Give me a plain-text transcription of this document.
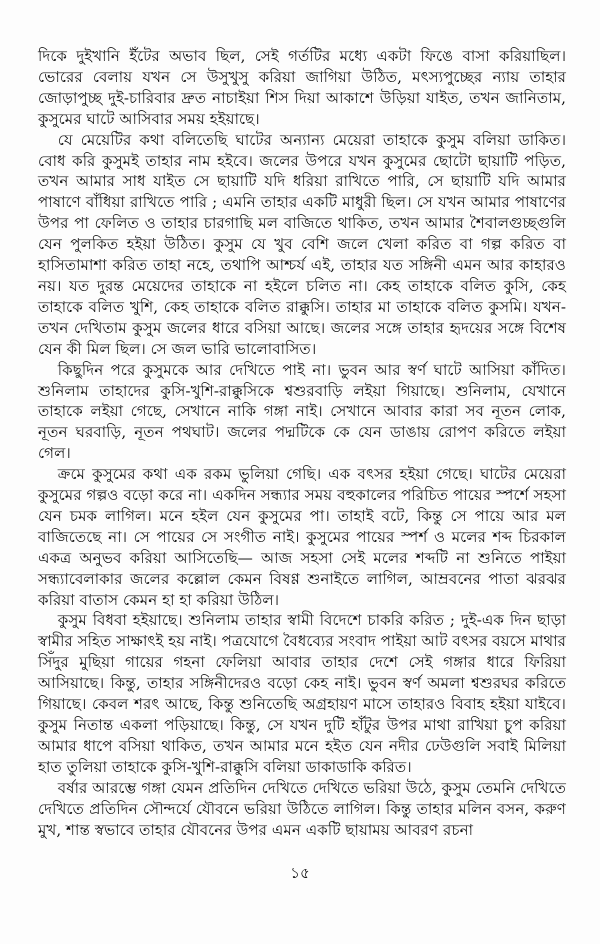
দিকে দুইখানি ইঁটের অভাব ছিল, সেই গর্তটির মধ্যে একটা ফিঙে বাসা করিয়াছিল। ভোরের বেলায় যখন সে উসুখুসু করিয়া জাগিয়া উঠিত, মৎস্যপুচ্ছের ন্যায় তাহার জোড়াপুচ্ছ দুই-চারিবার দ্রুত নাচাইয়া শিস দিয়া আকাশে উড়িয়া যাইত, তখন জানিতাম, কুসুমের ঘাটে আসিবার সময় হইয়াছে।

যে মেয়েটির কথা বলিতেছি ঘাটের অন্যান্য মেয়েরা তাহাকে কুসুম বলিয়া ডাকিত। বোধ করি কুসুমই তাহার নাম হইবে। জলের উপরে যখন কুসুমের ছোটো ছায়াটি পড়িত, তখন আমার সাধ যাইত সে ছায়াটি যদি ধরিয়া রাখিতে পারি, সে ছায়াটি যদি আমার পাষাণে বাঁধিয়া রাখিতে পারি ; এমনি তাহার একটি মাধুরী ছিল। সে যখন আমার পাষাণের উপর পা ফেলিত ও তাহার চারগাছি মল বাজিতে থাকিত, তখন আমার শৈবালগুচ্ছগুলি যেন পুলকিত হইয়া উঠিত। কুসুম যে খুব বেশি জলে খেলা করিত বা গল্প করিত বা হাসিতামাশা করিত তাহা নহে, তথাপি আশ্চর্য এই, তাহার যত সঙ্গিনী এমন আর কাহারও নয়। যত দুরন্ত মেয়েদের তাহাকে না হইলে চলিত না। কেহ তাহাকে বলিত কুসি, কেহ তাহাকে বলিত খুশি, কেহ তাহাকে বলিত রাক্কুসি। তাহার মা তাহাকে বলিত কুসমি। যখন-তখন দেখিতাম কুসুম জলের ধারে বসিয়া আছে। জলের সঙ্গে তাহার হৃদয়ের সঙ্গে বিশেষ যেন কী মিল ছিল। সে জল ভারি ভালোবাসিত।

কিছুদিন পরে কুসুমকে আর দেখিতে পাই না। ভুবন আর স্বর্ণ ঘাটে আসিয়া কাঁদিত। শুনিলাম তাহাদের কুসি-খুশি-রাক্কুসিকে শ্বশুরবাড়ি লইয়া গিয়াছে। শুনিলাম, যেখানে তাহাকে লইয়া গেছে, সেখানে নাকি গঙ্গা নাই। সেখানে আবার কারা সব নূতন লোক, নূতন ঘরবাড়ি, নূতন পথঘাট। জলের পদ্মটিকে কে যেন ডাঙায় রোপণ করিতে লইয়া গেল।

ক্রমে কুসুমের কথা এক রকম ভুলিয়া গেছি। এক বৎসর হইয়া গেছে। ঘাটের মেয়েরা কুসুমের গল্পও বড়ো করে না। একদিন সন্ধ্যার সময় বহুকালের পরিচিত পায়ের স্পর্শে সহসা যেন চমক লাগিল। মনে হইল যেন কুসুমের পা। তাহাই বটে, কিন্তু সে পায়ে আর মল বাজিতেছে না। সে পায়ের সে সংগীত নাই। কুসুমের পায়ের স্পর্শ ও মলের শব্দ চিরকাল একত্র অনুভব করিয়া আসিতেছি— আজ সহসা সেই মলের শব্দটি না শুনিতে পাইয়া সন্ধ্যাবেলাকার জলের কল্লোল কেমন বিষণ্ণ শুনাইতে লাগিল, আম্রবনের পাতা ঝরঝর করিয়া বাতাস কেমন হা হা করিয়া উঠিল।

কুসুম বিধবা হইয়াছে। শুনিলাম তাহার স্বামী বিদেশে চাকরি করিত ; দুই-এক দিন ছাড়া স্বামীর সহিত সাক্ষাৎই হয় নাই। পত্রযোগে বৈধব্যের সংবাদ পাইয়া আট বৎসর বয়সে মাথার সিঁদুর মুছিয়া গায়ের গহনা ফেলিয়া আবার তাহার দেশে সেই গঙ্গার ধারে ফিরিয়া আসিয়াছে। কিন্তু, তাহার সঙ্গিনীদেরও বড়ো কেহ নাই। ভুবন স্বর্ণ অমলা শ্বশুরঘর করিতে গিয়াছে। কেবল শরৎ আছে, কিন্তু শুনিতেছি অগ্রহায়ণ মাসে তাহারও বিবাহ হইয়া যাইবে। কুসুম নিতান্ত একলা পড়িয়াছে। কিন্তু, সে যখন দুটি হাঁটুর উপর মাথা রাখিয়া চুপ করিয়া আমার ধাপে বসিয়া থাকিত, তখন আমার মনে হইত যেন নদীর ঢেউগুলি সবাই মিলিয়া হাত তুলিয়া তাহাকে কুসি-খুশি-রাক্কুসি বলিয়া ডাকাডাকি করিত।

বর্ষার আরম্ভে গঙ্গা যেমন প্রতিদিন দেখিতে দেখিতে ভরিয়া উঠে, কুসুম তেমনি দেখিতে দেখিতে প্রতিদিন সৌন্দর্যে যৌবনে ভরিয়া উঠিতে লাগিল। কিন্তু তাহার মলিন বসন, করুণ মুখ, শান্ত স্বভাবে তাহার যৌবনের উপর এমন একটি ছায়াময় আবরণ রচনা

১৫
